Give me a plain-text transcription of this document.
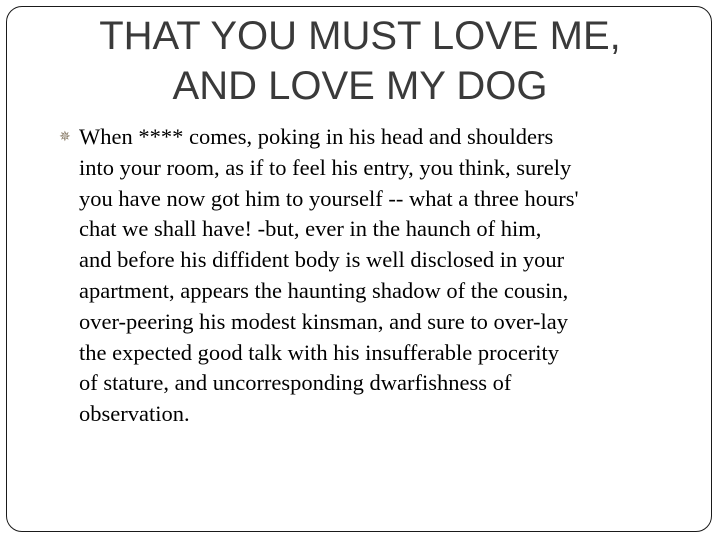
THAT YOU MUST LOVE ME,
AND LOVE MY DOG
✵ When **** comes, poking in his head and shoulders
into your room, as if to feel his entry, you think, surely
you have now got him to yourself -- what a three hours'
chat we shall have! -but, ever in the haunch of him,
and before his diffident body is well disclosed in your
apartment, appears the haunting shadow of the cousin,
over-peering his modest kinsman, and sure to over-lay
the expected good talk with his insufferable procerity
of stature, and uncorresponding dwarfishness of
observation.
